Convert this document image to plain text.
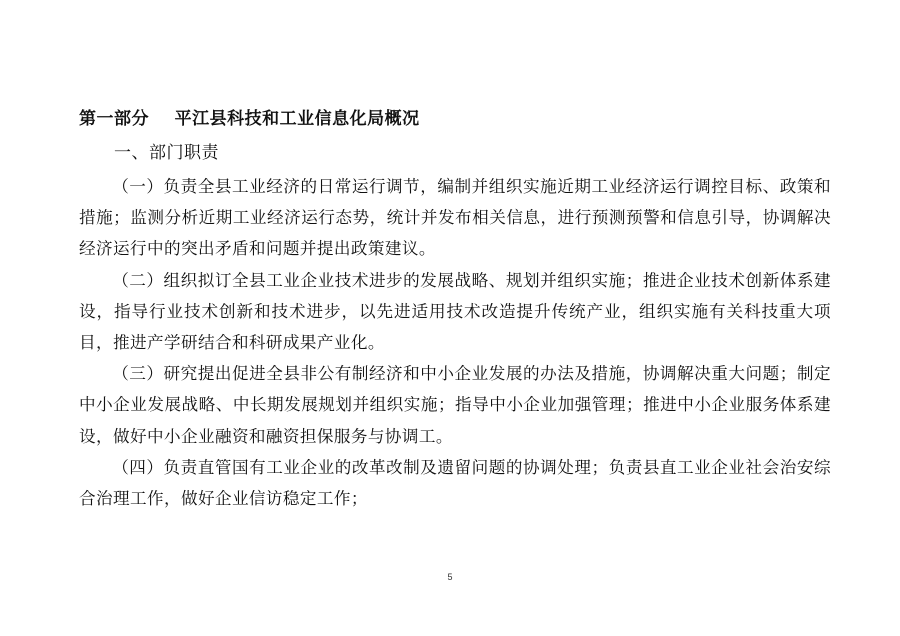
第一部分    平江县科技和工业信息化局概况
一、部门职责

（一）负责全县工业经济的日常运行调节，编制并组织实施近期工业经济运行调控目标、政策和措施；监测分析近期工业经济运行态势，统计并发布相关信息，进行预测预警和信息引导，协调解决经济运行中的突出矛盾和问题并提出政策建议。

（二）组织拟订全县工业企业技术进步的发展战略、规划并组织实施；推进企业技术创新体系建设，指导行业技术创新和技术进步，以先进适用技术改造提升传统产业，组织实施有关科技重大项目，推进产学研结合和科研成果产业化。

（三）研究提出促进全县非公有制经济和中小企业发展的办法及措施，协调解决重大问题；制定中小企业发展战略、中长期发展规划并组织实施；指导中小企业加强管理；推进中小企业服务体系建设，做好中小企业融资和融资担保服务与协调工。

（四）负责直管国有工业企业的改革改制及遗留问题的协调处理；负责县直工业企业社会治安综合治理工作，做好企业信访稳定工作；

5
